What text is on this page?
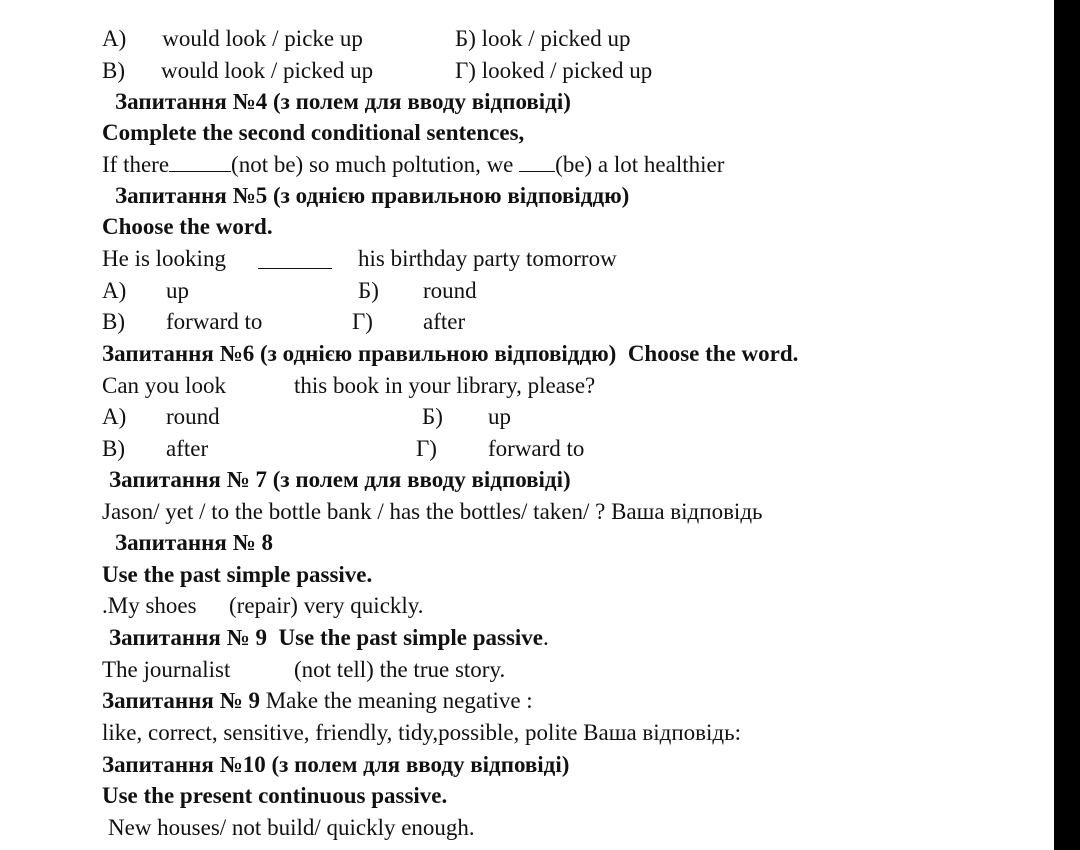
А) would look / picke up	Б) look / picked up
В) would look / picked up	Г) looked / picked up
Запитання №4 (з полем для вводу відповіді)
Complete the second conditional sentences,
If there	(not be) so much poltution, we (be) a lot healthier
Запитання №5 (з однією правильною відповіддю)
Choose the word.
He is looking	his birthday party tomorrow
А) up	Б) round
В) forward to	Г) after
Запитання №6 (з однією правильною відповіддю) Choose the word.
Can you look	this book in your library, please?
А) round	Б) up
В) after	Г) forward to
Запитання № 7 (з полем для вводу відповіді)
Jason/ yet / to the bottle bank / has the bottles/ taken/ ? Ваша відповідь
Запитання № 8
Use the past simple passive.
.My shoes (repair) very quickly.
Запитання № 9 Use the past simple passive.
The journalist	(not tell) the true story.
Запитання № 9 Make the meaning negative :
like, correct, sensitive, friendly, tidy,possible, polite Ваша відповідь:
Запитання №10 (з полем для вводу відповіді)
Use the present continuous passive.
New houses/ not build/ quickly enough.
